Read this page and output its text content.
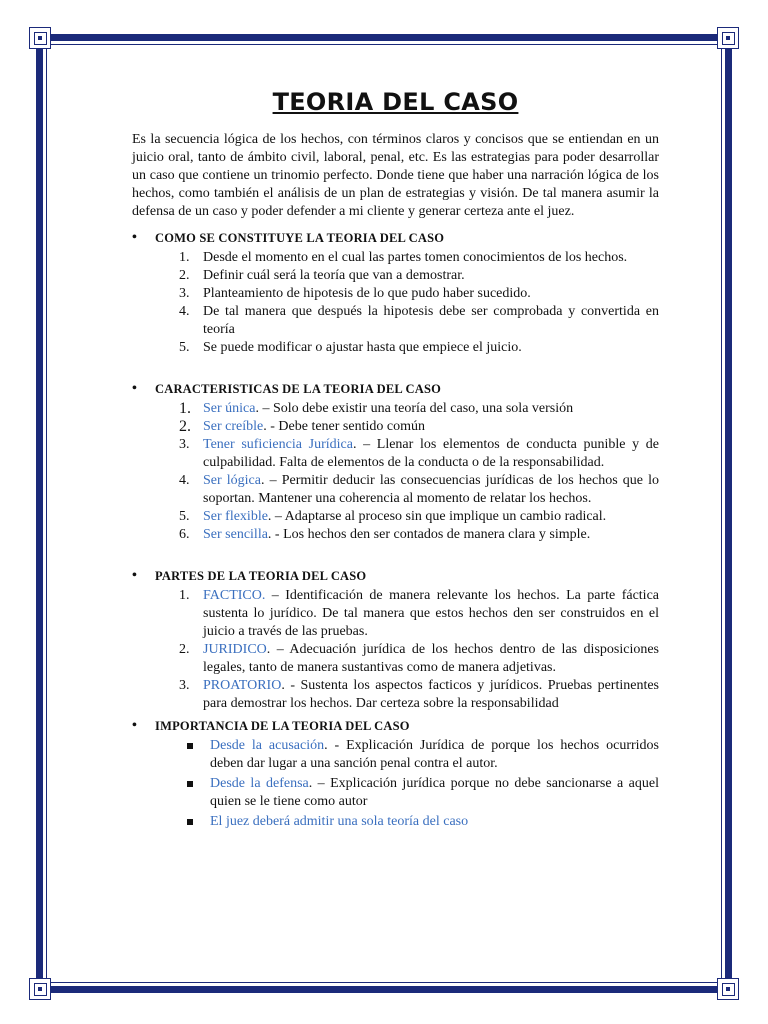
TEORIA DEL CASO

Es la secuencia lógica de los hechos, con términos claros y concisos que se entiendan en un juicio oral, tanto de ámbito civil, laboral, penal, etc. Es las estrategias para poder desarrollar un caso que contiene un trinomio perfecto. Donde tiene que haber una narración lógica de los hechos, como también el análisis de un plan de estrategias y visión. De tal manera asumir la defensa de un caso y poder defender a mi cliente y generar certeza ante el juez.

• COMO SE CONSTITUYE LA TEORIA DEL CASO

1. Desde el momento en el cual las partes tomen conocimientos de los hechos.
2. Definir cuál será la teoría que van a demostrar.
3. Planteamiento de hipotesis de lo que pudo haber sucedido.
4. De tal manera que después la hipotesis debe ser comprobada y convertida en teoría
5. Se puede modificar o ajustar hasta que empiece el juicio.

• CARACTERISTICAS DE LA TEORIA DEL CASO

1. Ser única. – Solo debe existir una teoría del caso, una sola versión
2. Ser creíble. - Debe tener sentido común
3. Tener suficiencia Jurídica. – Llenar los elementos de conducta punible y de culpabilidad. Falta de elementos de la conducta o de la responsabilidad.
4. Ser lógica. – Permitir deducir las consecuencias jurídicas de los hechos que lo soportan. Mantener una coherencia al momento de relatar los hechos.
5. Ser flexible. – Adaptarse al proceso sin que implique un cambio radical.
6. Ser sencilla. - Los hechos den ser contados de manera clara y simple.

• PARTES DE LA TEORIA DEL CASO

1. FACTICO. – Identificación de manera relevante los hechos. La parte fáctica sustenta lo jurídico. De tal manera que estos hechos den ser construidos en el juicio a través de las pruebas.
2. JURIDICO. – Adecuación jurídica de los hechos dentro de las disposiciones legales, tanto de manera sustantivas como de manera adjetivas.
3. PROATORIO. - Sustenta los aspectos facticos y jurídicos. Pruebas pertinentes para demostrar los hechos. Dar certeza sobre la responsabilidad

• IMPORTANCIA DE LA TEORIA DEL CASO

Desde la acusación. - Explicación Jurídica de porque los hechos ocurridos deben dar lugar a una sanción penal contra el autor.
Desde la defensa. – Explicación jurídica porque no debe sancionarse a aquel quien se le tiene como autor
El juez deberá admitir una sola teoría del caso
